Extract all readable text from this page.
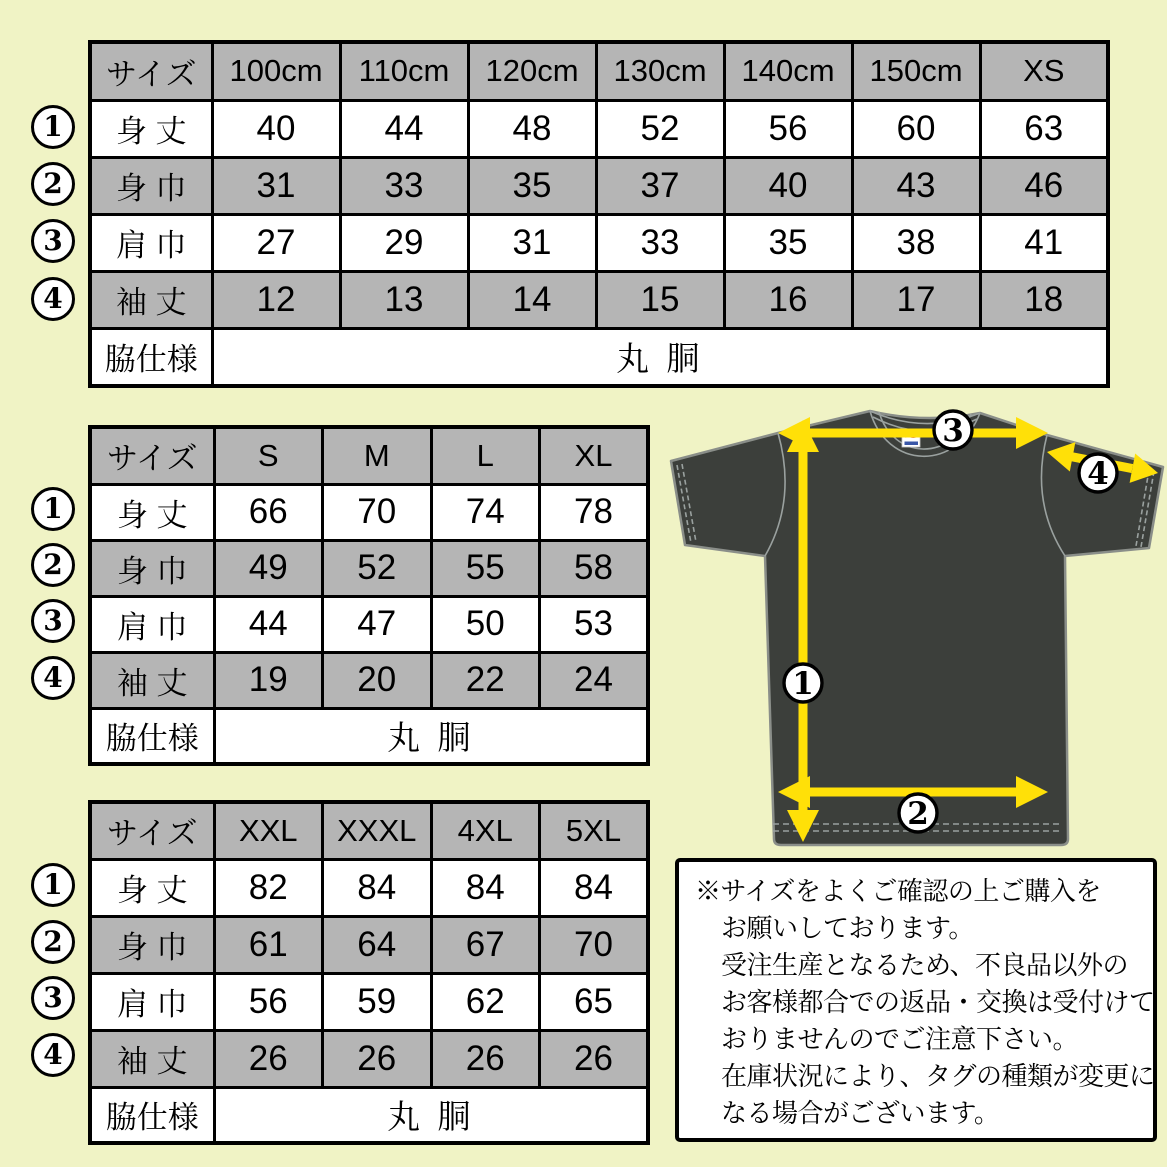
サイズ	100cm	110cm	120cm	130cm	140cm	150cm	XS
身 丈	40	44	48	52	56	60	63
身 巾	31	33	35	37	40	43	46
肩 巾	27	29	31	33	35	38	41
袖 丈	12	13	14	15	16	17	18
脇仕様	丸 胴						
サイズ	S	M	L	XL
身 丈	66	70	74	78
身 巾	49	52	55	58
肩 巾	44	47	50	53
袖 丈	19	20	22	24
脇仕様	丸 胴			
サイズ	XXL	XXXL	4XL	5XL
身 丈	82	84	84	84
身 巾	61	64	67	70
肩 巾	56	59	62	65
袖 丈	26	26	26	26
脇仕様	丸 胴			
3
4
1
2
※サイズをよくご確認の上ご購入を
お願いしております。
受注生産となるため、不良品以外の
お客様都合での返品・交換は受付けて
おりませんのでご注意下さい。
在庫状況により、タグの種類が変更に
なる場合がございます。
1
2
3
4
1
2
3
4
1
2
3
4
